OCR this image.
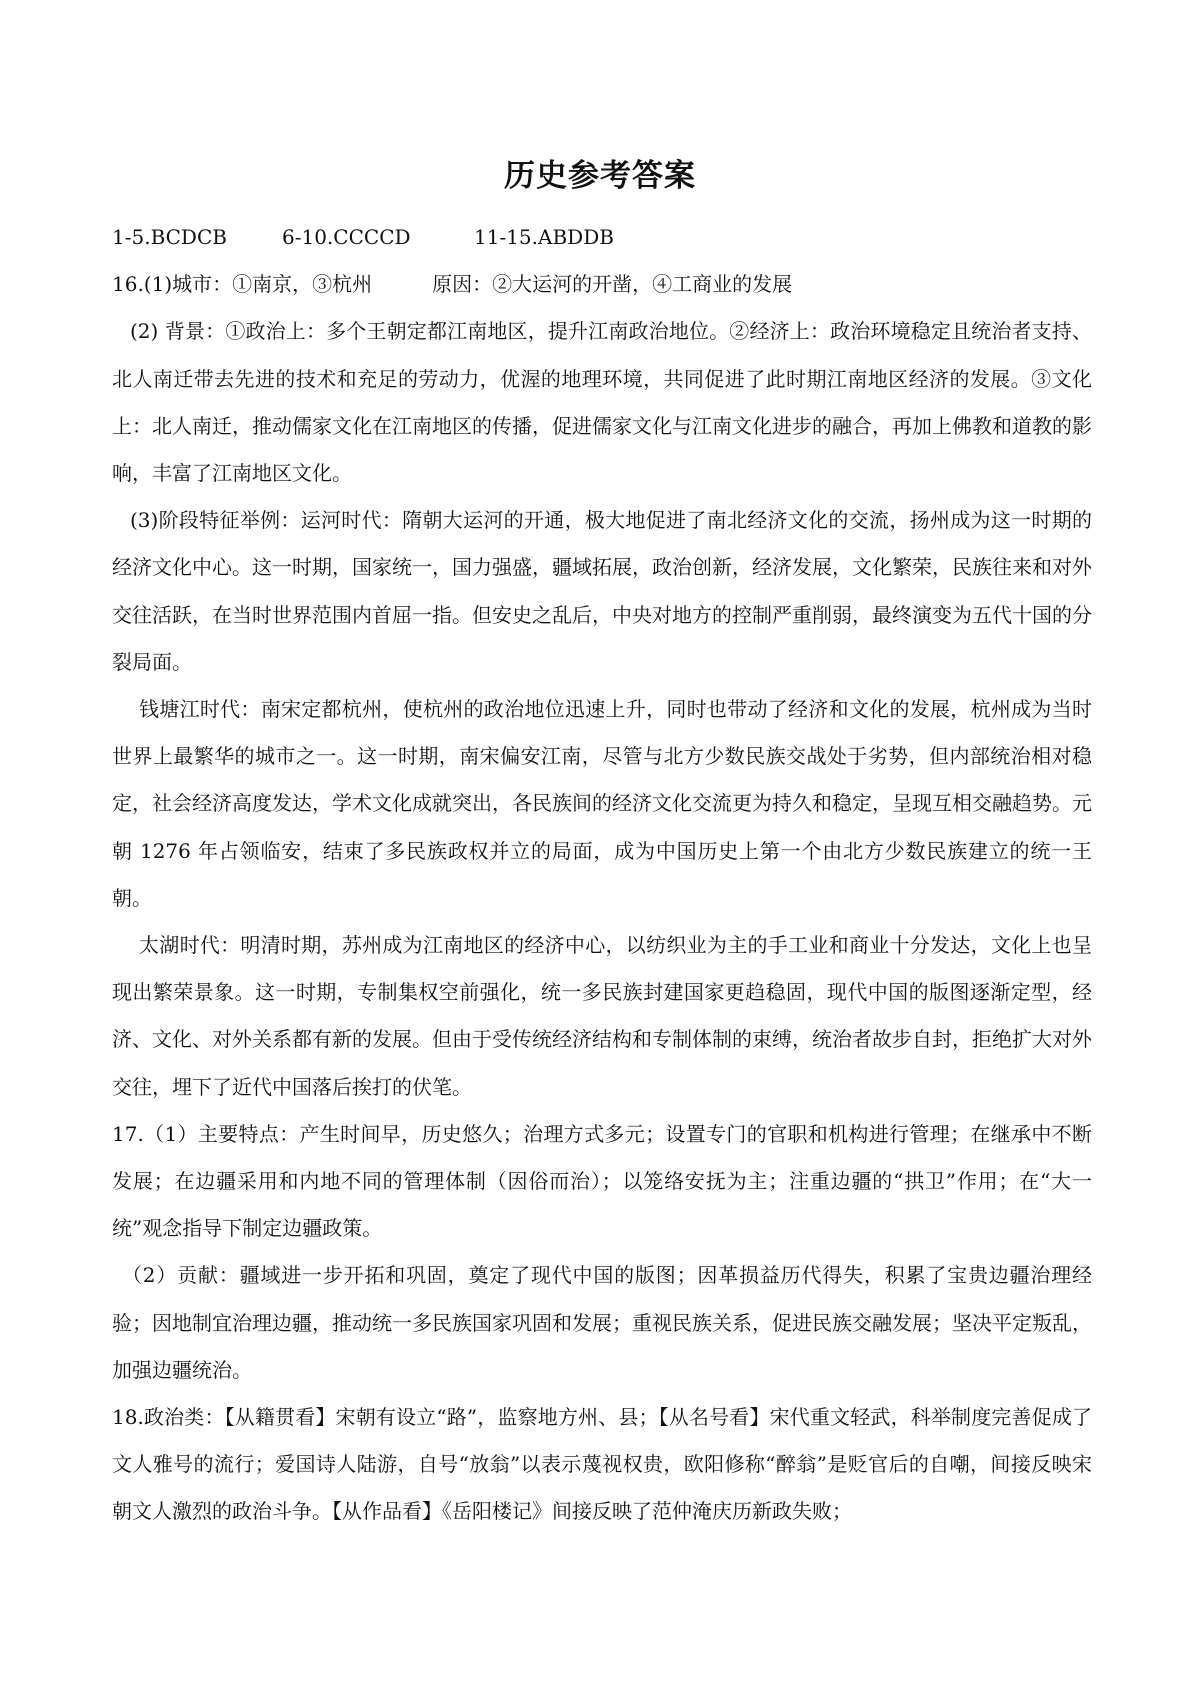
历史参考答案
1-5.BCDCB	6-10.CCCCD	11-15.ABDDB

16.(1)城市：①南京，③杭州　　　原因：②大运河的开凿，④工商业的发展

(2) 背景：①政治上：多个王朝定都江南地区，提升江南政治地位。②经济上：政治环境稳定且统治者支持、北人南迁带去先进的技术和充足的劳动力，优渥的地理环境，共同促进了此时期江南地区经济的发展。③文化上：北人南迁，推动儒家文化在江南地区的传播，促进儒家文化与江南文化进步的融合，再加上佛教和道教的影响，丰富了江南地区文化。

(3)阶段特征举例：运河时代：隋朝大运河的开通，极大地促进了南北经济文化的交流，扬州成为这一时期的经济文化中心。这一时期，国家统一，国力强盛，疆域拓展，政治创新，经济发展，文化繁荣，民族往来和对外交往活跃，在当时世界范围内首屈一指。但安史之乱后，中央对地方的控制严重削弱，最终演变为五代十国的分裂局面。

钱塘江时代：南宋定都杭州，使杭州的政治地位迅速上升，同时也带动了经济和文化的发展，杭州成为当时世界上最繁华的城市之一。这一时期，南宋偏安江南，尽管与北方少数民族交战处于劣势，但内部统治相对稳定，社会经济高度发达，学术文化成就突出，各民族间的经济文化交流更为持久和稳定，呈现互相交融趋势。元朝 1276 年占领临安，结束了多民族政权并立的局面，成为中国历史上第一个由北方少数民族建立的统一王朝。

太湖时代：明清时期，苏州成为江南地区的经济中心，以纺织业为主的手工业和商业十分发达，文化上也呈现出繁荣景象。这一时期，专制集权空前强化，统一多民族封建国家更趋稳固，现代中国的版图逐渐定型，经济、文化、对外关系都有新的发展。但由于受传统经济结构和专制体制的束缚，统治者故步自封，拒绝扩大对外交往，埋下了近代中国落后挨打的伏笔。

17.（1）主要特点：产生时间早，历史悠久；治理方式多元；设置专门的官职和机构进行管理；在继承中不断发展；在边疆采用和内地不同的管理体制（因俗而治）；以笼络安抚为主；注重边疆的“拱卫”作用；在“大一统”观念指导下制定边疆政策。

（2）贡献：疆域进一步开拓和巩固，奠定了现代中国的版图；因革损益历代得失，积累了宝贵边疆治理经验；因地制宜治理边疆，推动统一多民族国家巩固和发展；重视民族关系，促进民族交融发展；坚决平定叛乱，加强边疆统治。

18.政治类：【从籍贯看】宋朝有设立“路”，监察地方州、县；【从名号看】宋代重文轻武，科举制度完善促成了文人雅号的流行；爱国诗人陆游，自号“放翁”以表示蔑视权贵，欧阳修称“醉翁”是贬官后的自嘲，间接反映宋朝文人激烈的政治斗争。【从作品看】《岳阳楼记》间接反映了范仲淹庆历新政失败；
